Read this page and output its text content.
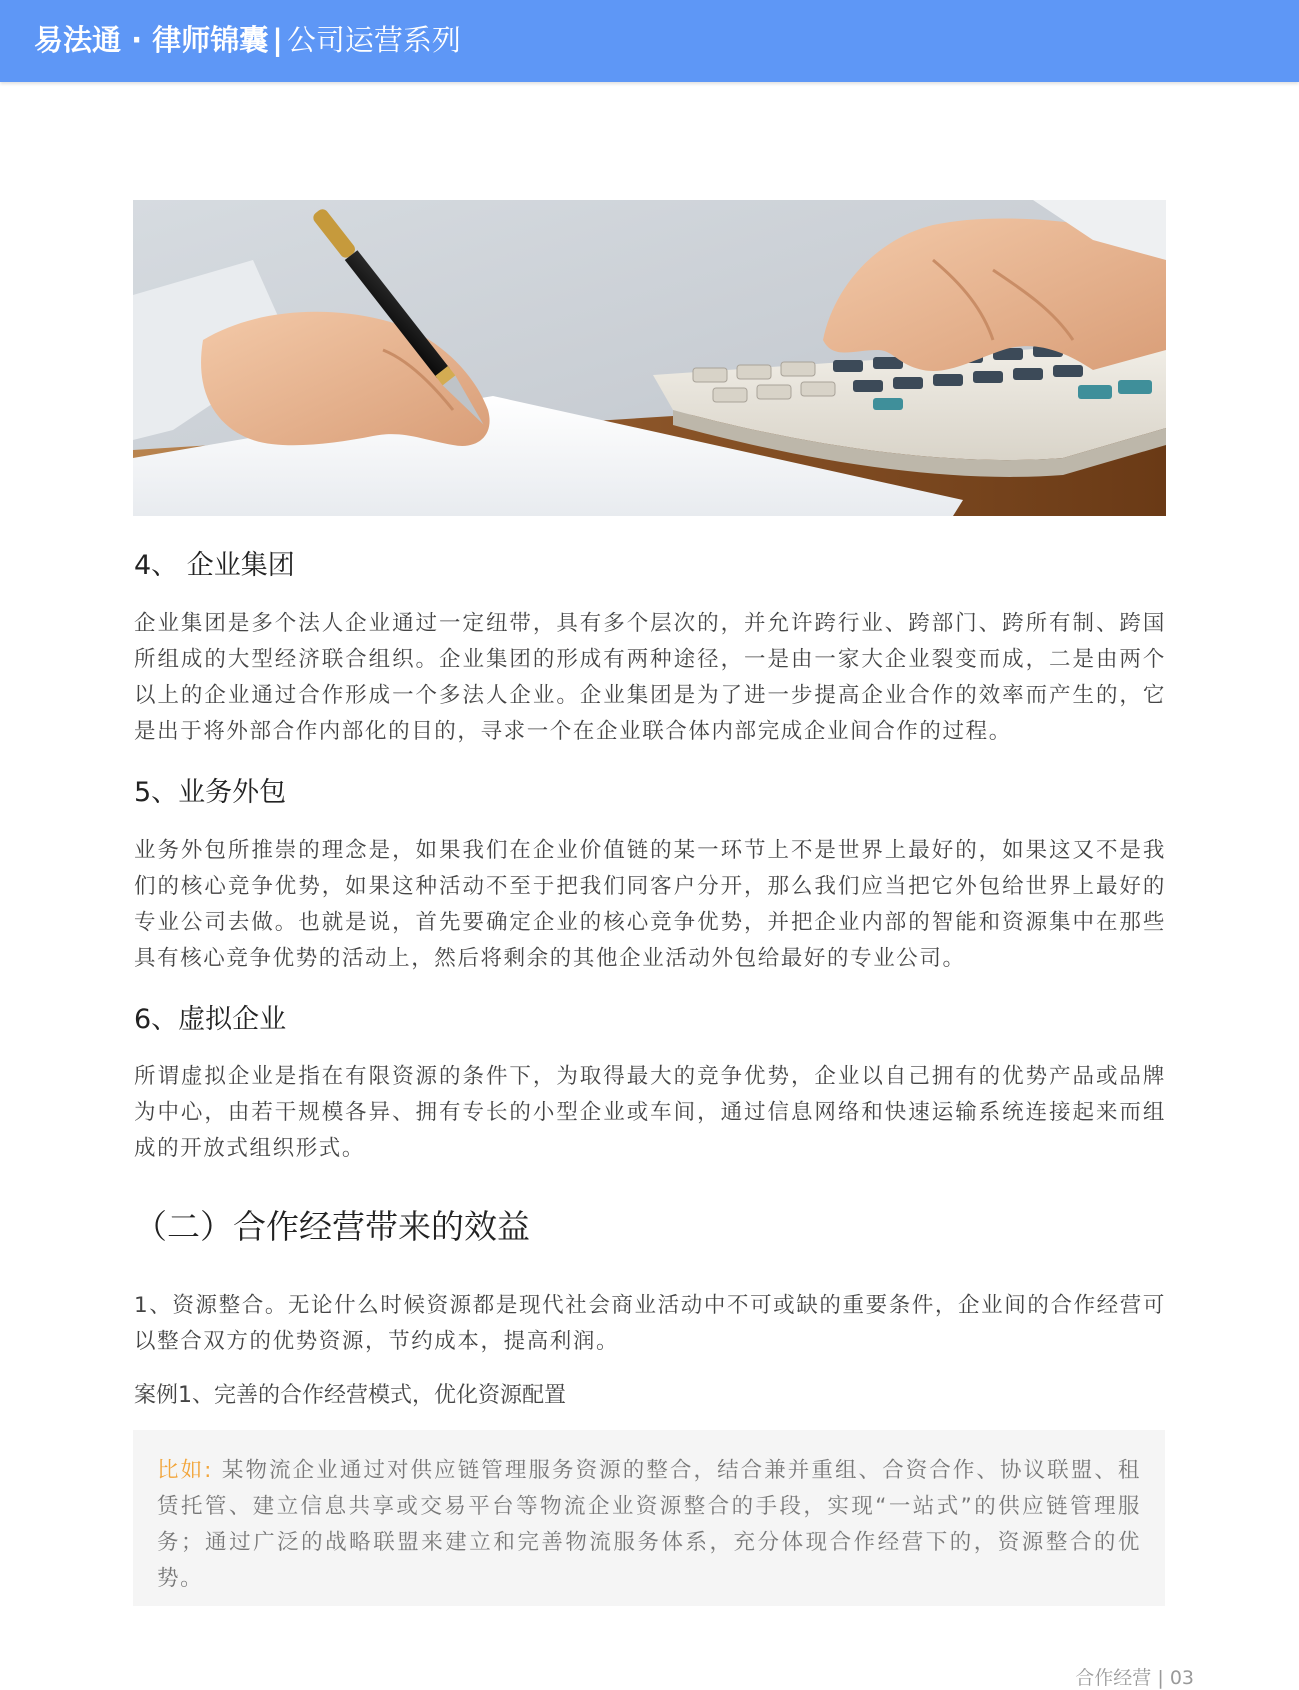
易法通 · 律师锦囊 | 公司运营系列
4、 企业集团

企业集团是多个法人企业通过一定纽带，具有多个层次的，并允许跨行业、跨部门、跨所有制、跨国所组成的大型经济联合组织。企业集团的形成有两种途径，一是由一家大企业裂变而成，二是由两个以上的企业通过合作形成一个多法人企业。企业集团是为了进一步提高企业合作的效率而产生的，它是出于将外部合作内部化的目的，寻求一个在企业联合体内部完成企业间合作的过程。

5、业务外包

业务外包所推崇的理念是，如果我们在企业价值链的某一环节上不是世界上最好的，如果这又不是我们的核心竞争优势，如果这种活动不至于把我们同客户分开，那么我们应当把它外包给世界上最好的专业公司去做。也就是说，首先要确定企业的核心竞争优势，并把企业内部的智能和资源集中在那些具有核心竞争优势的活动上，然后将剩余的其他企业活动外包给最好的专业公司。

6、虚拟企业

所谓虚拟企业是指在有限资源的条件下，为取得最大的竞争优势，企业以自己拥有的优势产品或品牌为中心，由若干规模各异、拥有专长的小型企业或车间，通过信息网络和快速运输系统连接起来而组成的开放式组织形式。

（二）合作经营带来的效益

1、资源整合。无论什么时候资源都是现代社会商业活动中不可或缺的重要条件，企业间的合作经营可以整合双方的优势资源，节约成本，提高利润。

案例1、完善的合作经营模式，优化资源配置

比如: 某物流企业通过对供应链管理服务资源的整合，结合兼并重组、合资合作、协议联盟、租赁托管、建立信息共享或交易平台等物流企业资源整合的手段，实现“一站式”的供应链管理服务；通过广泛的战略联盟来建立和完善物流服务体系，充分体现合作经营下的，资源整合的优势。

合作经营 | 03
